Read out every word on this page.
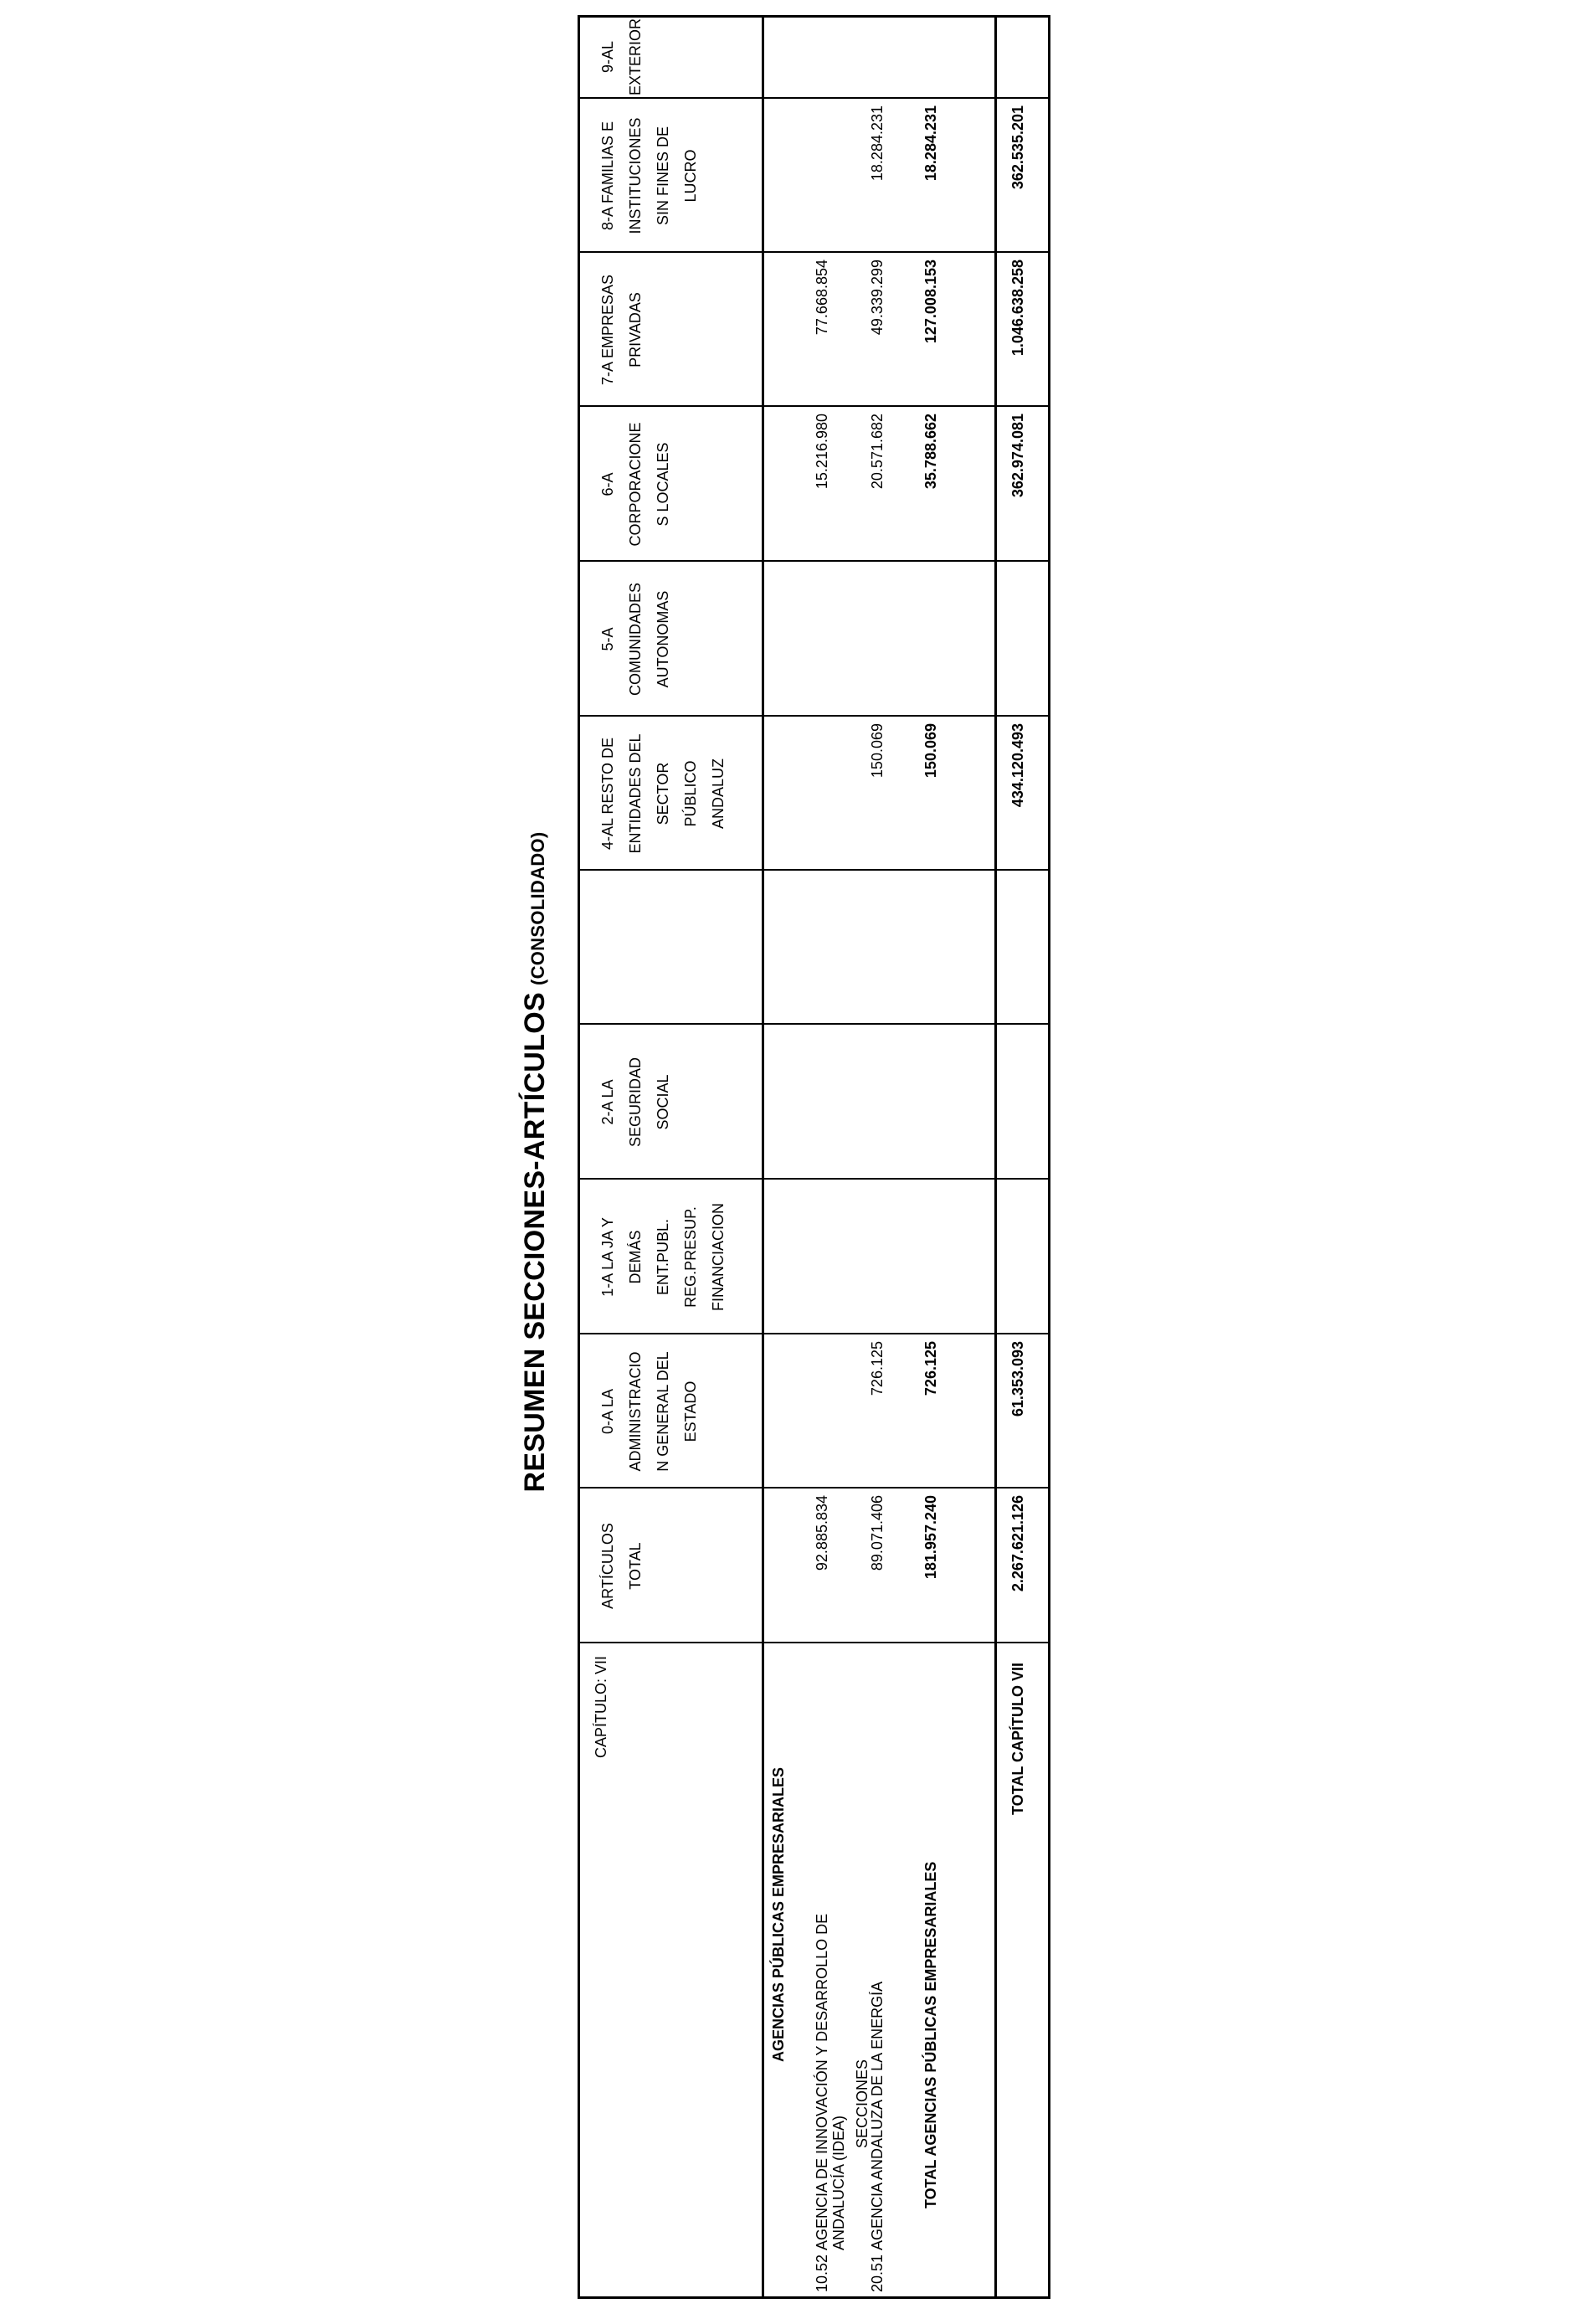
RESUMEN SECCIONES-ARTÍCULOS(CONSOLIDADO)
SECCIONES
CAPÍTULO: VII
AGENCIAS PÚBLICAS EMPRESARIALES
ARTÍCULOS TOTAL
0-A LA ADMINISTRACIO N GENERAL DEL ESTADO
1-A LA JA Y DEMÁS ENT.PUBL. REG.PRESUP. FINANCIACION
2-A LA SEGURIDAD SOCIAL
4-AL RESTO DE ENTIDADES DEL SECTOR PÚBLICO ANDALUZ
5-A COMUNIDADES AUTONOMAS
6-A CORPORACIONE S LOCALES
7-A EMPRESAS PRIVADAS
8-A FAMILIAS E INSTITUCIONES SIN FINES DE LUCRO
9-AL EXTERIOR
10.52
AGENCIA DE INNOVACIÓN Y DESARROLLO DE ANDALUCÍA (IDEA)
92.885.834
15.216.980
77.668.854
20.51
AGENCIA ANDALUZA DE LA ENERGÍA
89.071.406
726.125
150.069
20.571.682
49.339.299
18.284.231
TOTAL AGENCIAS PÚBLICAS EMPRESARIALES
181.957.240
726.125
150.069
35.788.662
127.008.153
18.284.231
TOTAL CAPÍTULO VII
2.267.621.126
61.353.093
434.120.493
362.974.081
1.046.638.258
362.535.201
